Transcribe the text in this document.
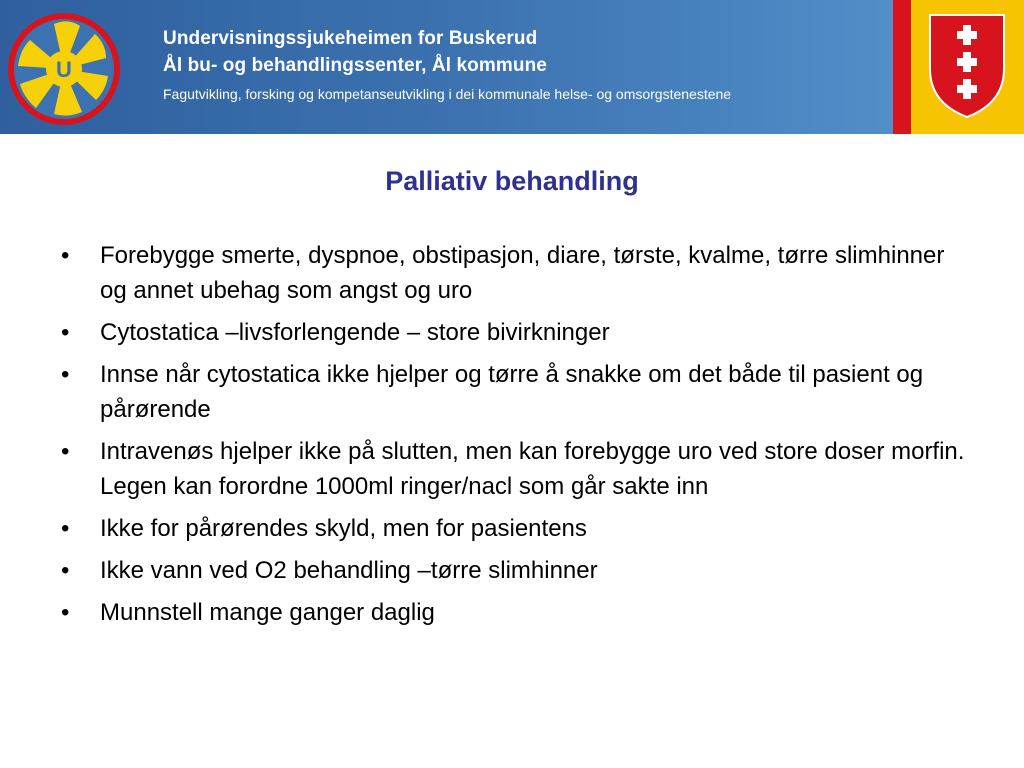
U
Undervisningssjukeheimen for Buskerud
Ål bu- og behandlingssenter, Ål kommune
Fagutvikling, forsking og kompetanseutvikling i dei kommunale helse- og omsorgstenestene
Palliativ behandling
• Forebygge smerte, dyspnoe, obstipasjon, diare, tørste, kvalme, tørre slimhinner og annet ubehag som angst og uro
• Cytostatica –livsforlengende – store bivirkninger
• Innse når cytostatica ikke hjelper og tørre å snakke om det både til pasient og pårørende
• Intravenøs hjelper ikke på slutten, men kan forebygge uro ved store doser morfin. Legen kan forordne 1000ml ringer/nacl som går sakte inn
• Ikke for pårørendes skyld, men for pasientens
• Ikke vann ved O2 behandling –tørre slimhinner
• Munnstell mange ganger daglig
